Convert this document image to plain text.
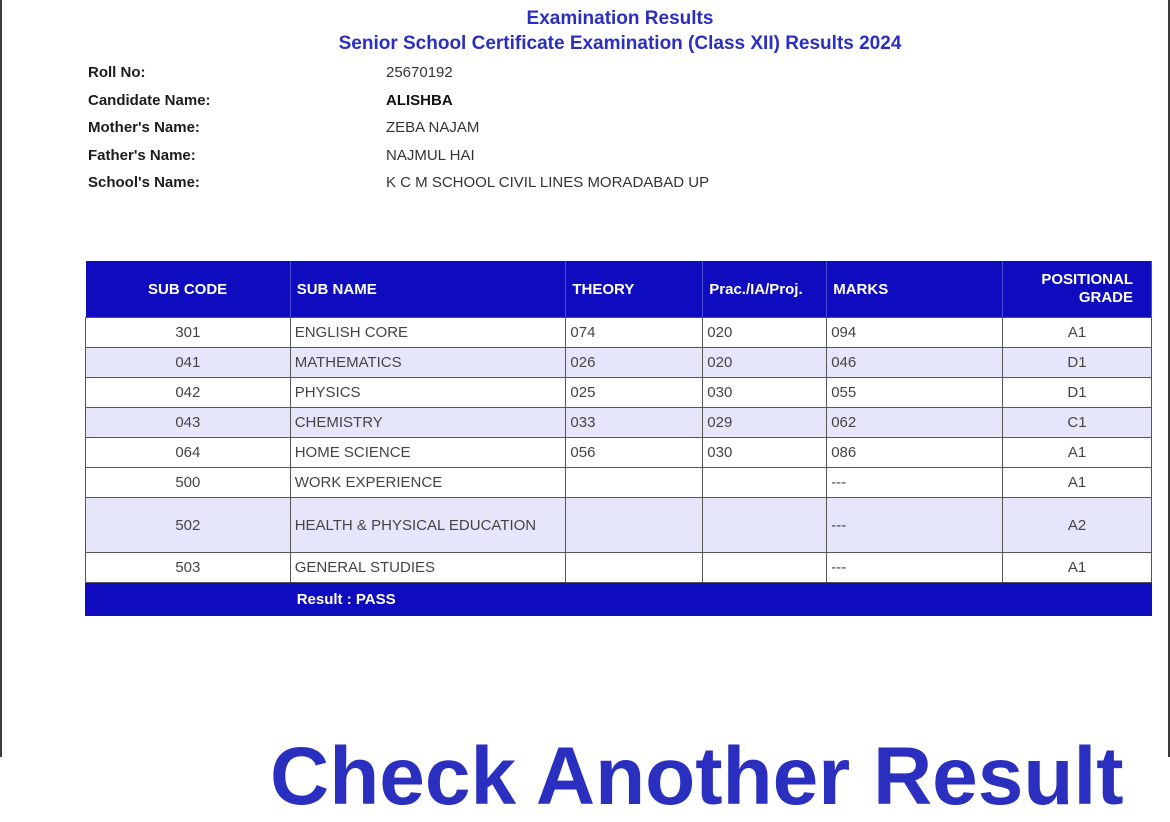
Examination Results
Senior School Certificate Examination (Class XII) Results 2024
Roll No:	25670192
Candidate Name:	ALISHBA
Mother's Name:	ZEBA NAJAM
Father's Name:	NAJMUL HAI
School's Name:	K C M SCHOOL CIVIL LINES MORADABAD UP
SUB CODE	SUB NAME	THEORY	Prac./IA/Proj.	MARKS	POSITIONAL GRADE
301	ENGLISH CORE	074	020	094	A1
041	MATHEMATICS	026	020	046	D1
042	PHYSICS	025	030	055	D1
043	CHEMISTRY	033	029	062	C1
064	HOME SCIENCE	056	030	086	A1
500	WORK EXPERIENCE			---	A1
502	HEALTH & PHYSICAL EDUCATION			---	A2
503	GENERAL STUDIES			---	A1
	Result : PASS				
Check Another Result
